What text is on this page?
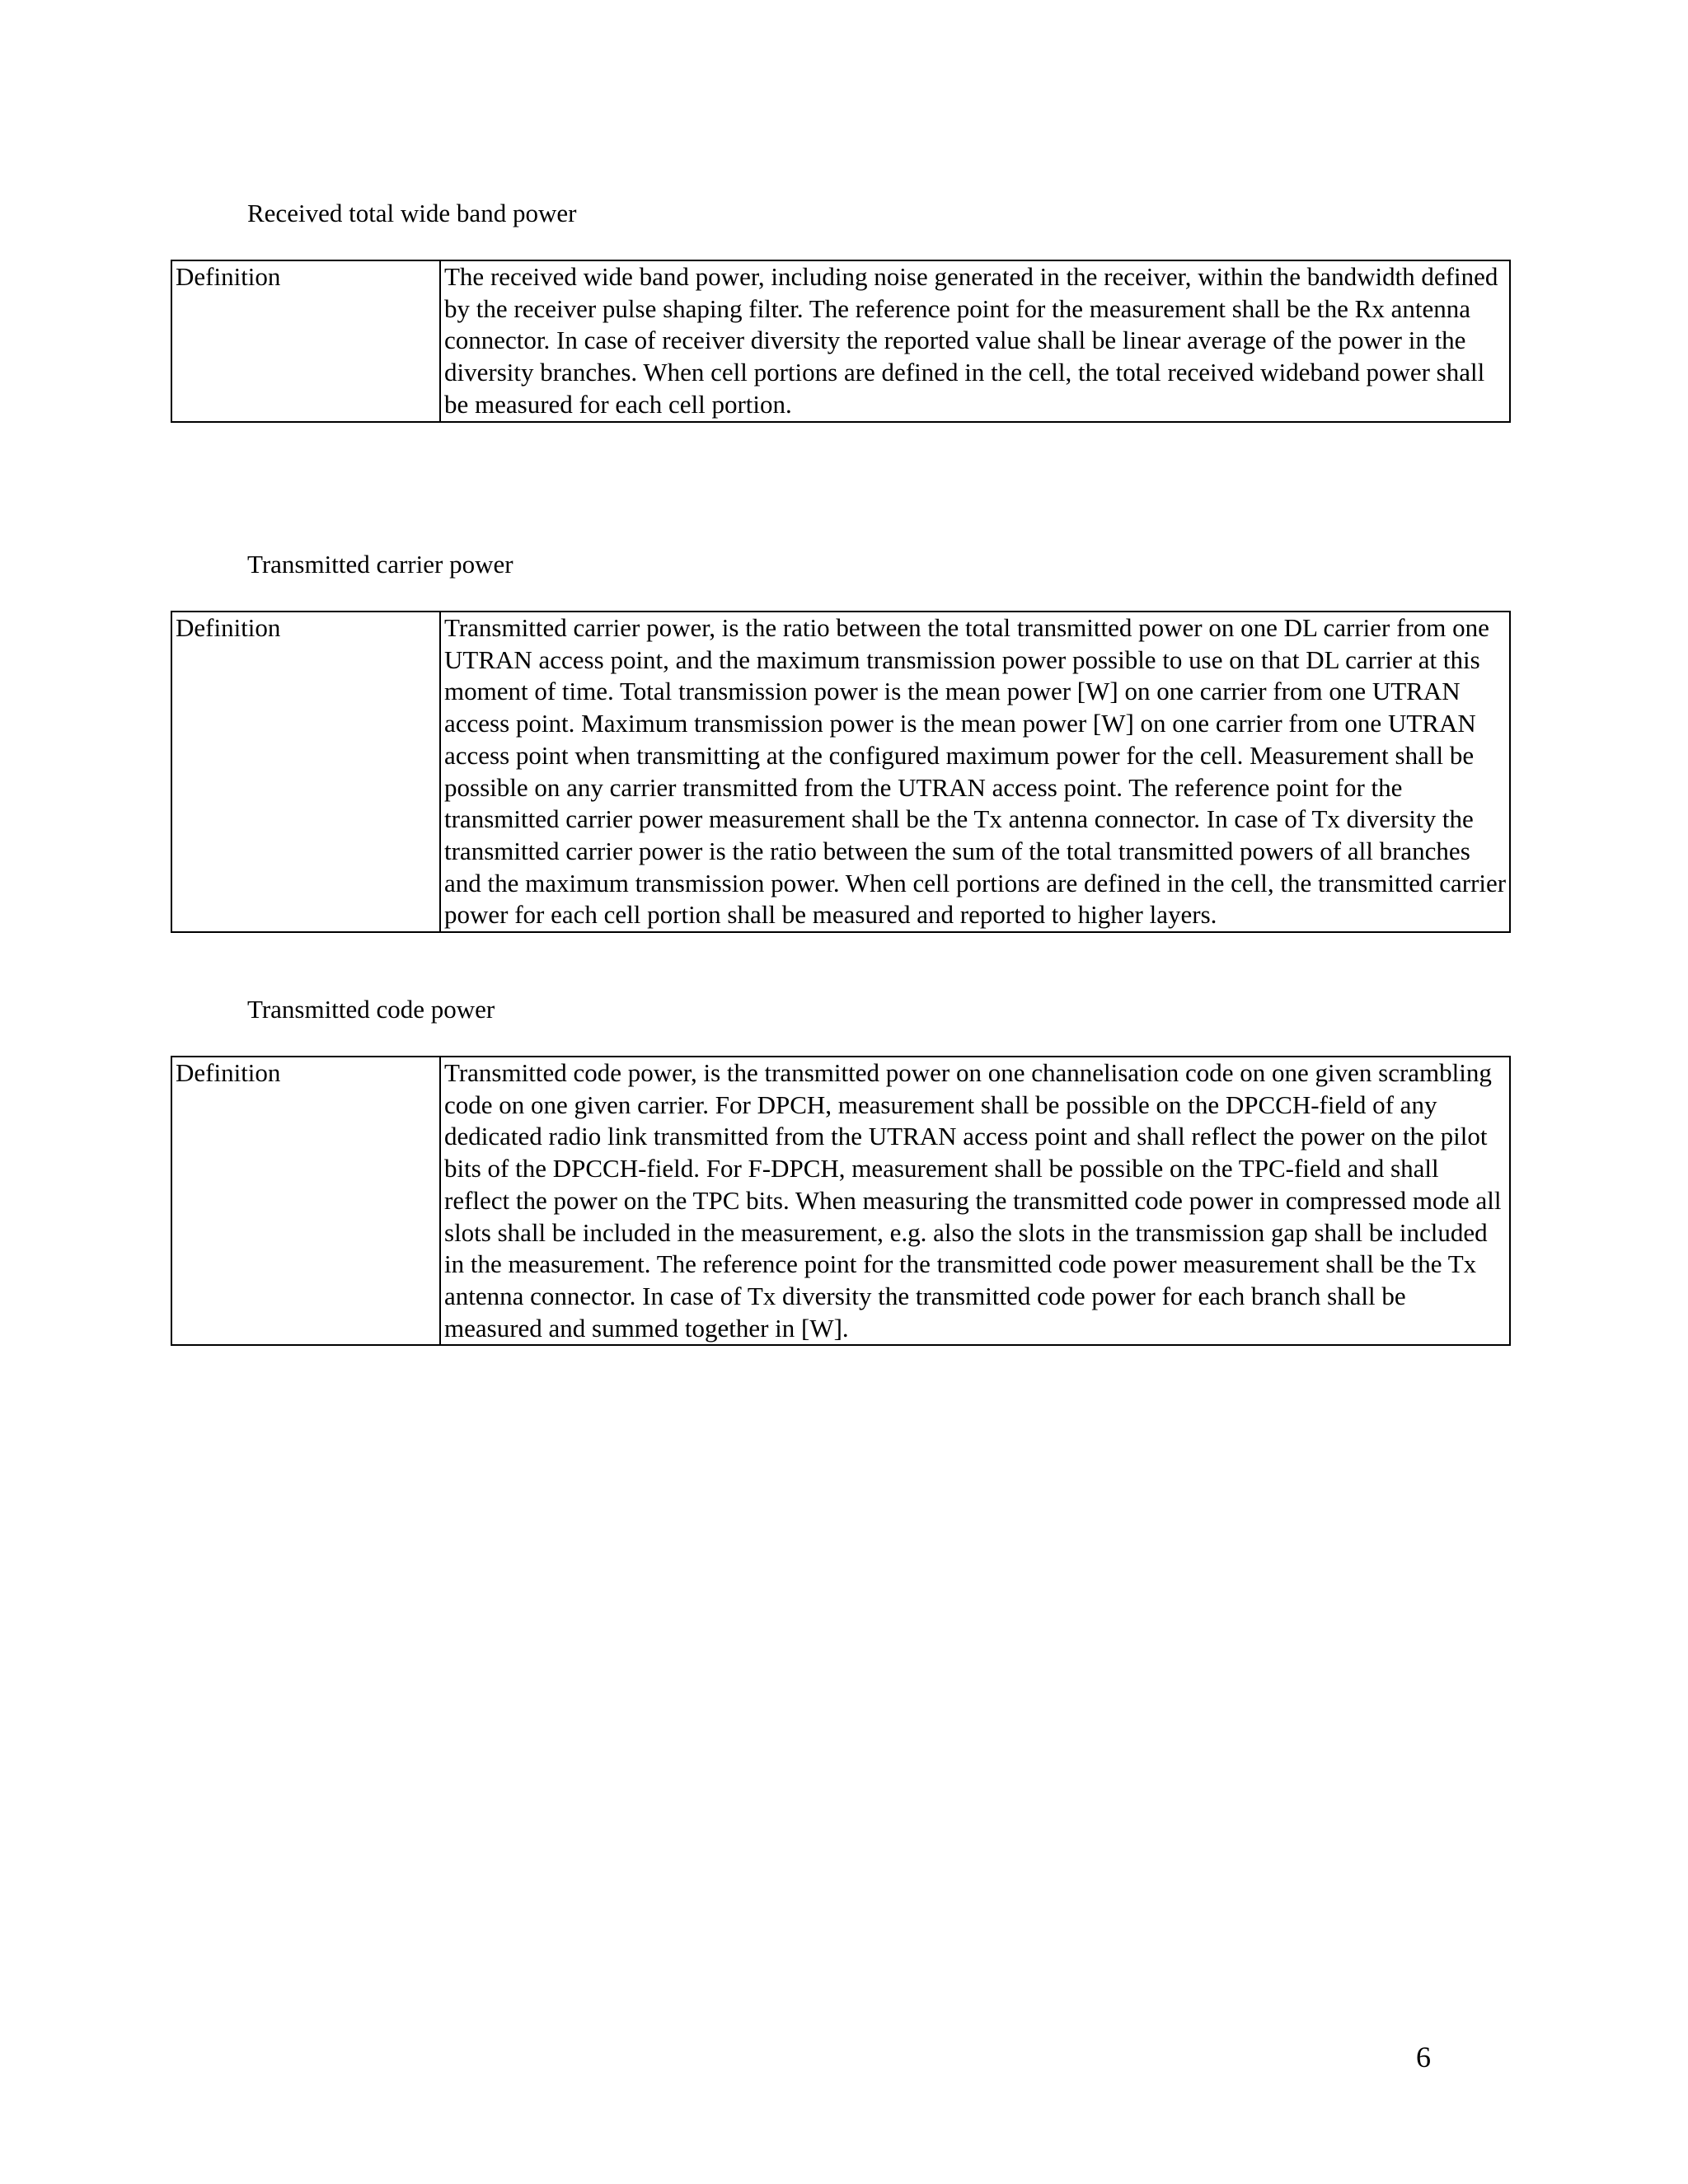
Received total wide band power
Definition	The received wide band power, including noise generated in the receiver, within the bandwidth defined by the receiver pulse shaping filter. The reference point for the measurement shall be the Rx antenna connector. In case of receiver diversity the reported value shall be linear average of the power in the diversity branches. When cell portions are defined in the cell, the total received wideband power shall be measured for each cell portion.
Transmitted carrier power
Definition	Transmitted carrier power, is the ratio between the total transmitted power on one DL carrier from one UTRAN access point, and the maximum transmission power possible to use on that DL carrier at this moment of time. Total transmission power is the mean power [W] on one carrier from one UTRAN access point. Maximum transmission power is the mean power [W] on one carrier from one UTRAN access point when transmitting at the configured maximum power for the cell. Measurement shall be possible on any carrier transmitted from the UTRAN access point. The reference point for the transmitted carrier power measurement shall be the Tx antenna connector. In case of Tx diversity the transmitted carrier power is the ratio between the sum of the total transmitted powers of all branches and the maximum transmission power. When cell portions are defined in the cell, the transmitted carrier power for each cell portion shall be measured and reported to higher layers.
Transmitted code power
Definition	Transmitted code power, is the transmitted power on one channelisation code on one given scrambling code on one given carrier. For DPCH, measurement shall be possible on the DPCCH-field of any dedicated radio link transmitted from the UTRAN access point and shall reflect the power on the pilot bits of the DPCCH-field. For F-DPCH, measurement shall be possible on the TPC-field and shall reflect the power on the TPC bits. When measuring the transmitted code power in compressed mode all slots shall be included in the measurement, e.g. also the slots in the transmission gap shall be included in the measurement. The reference point for the transmitted code power measurement shall be the Tx antenna connector. In case of Tx diversity the transmitted code power for each branch shall be measured and summed together in [W].
6
